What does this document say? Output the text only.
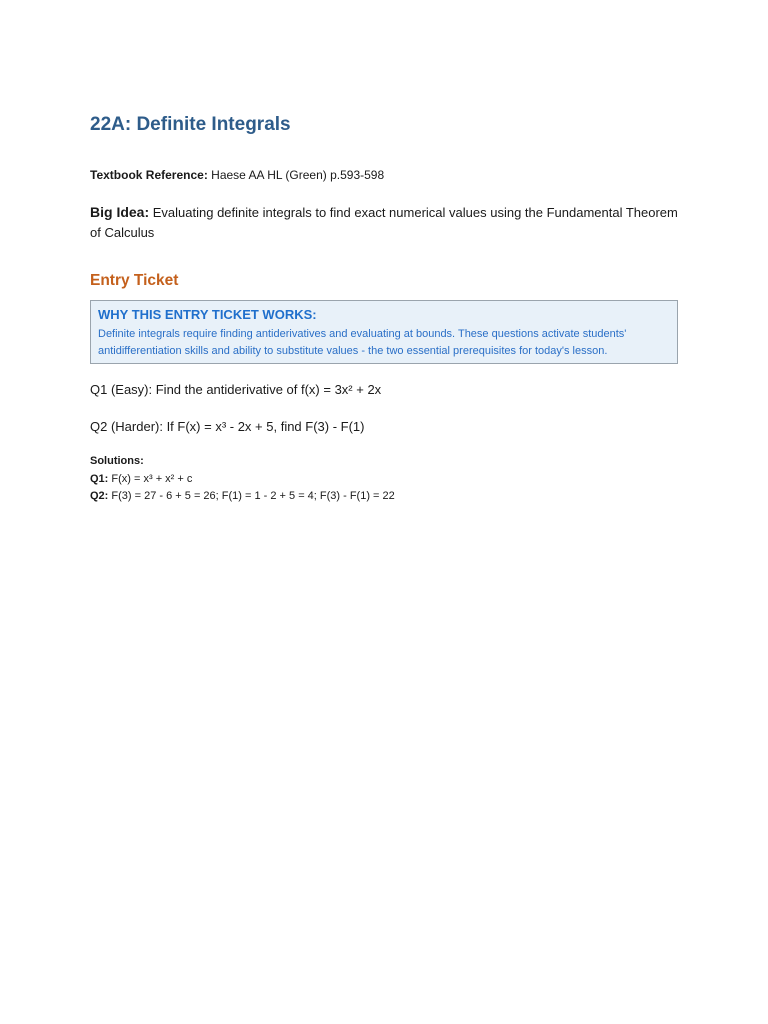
22A: Definite Integrals
Textbook Reference: Haese AA HL (Green) p.593-598
Big Idea: Evaluating definite integrals to find exact numerical values using the Fundamental Theorem of Calculus
Entry Ticket
WHY THIS ENTRY TICKET WORKS:
Definite integrals require finding antiderivatives and evaluating at bounds. These questions activate students' antidifferentiation skills and ability to substitute values - the two essential prerequisites for today's lesson.
Q1 (Easy): Find the antiderivative of f(x) = 3x² + 2x
Q2 (Harder): If F(x) = x³ - 2x + 5, find F(3) - F(1)
Solutions:
Q1: F(x) = x³ + x² + c
Q2: F(3) = 27 - 6 + 5 = 26; F(1) = 1 - 2 + 5 = 4; F(3) - F(1) = 22
